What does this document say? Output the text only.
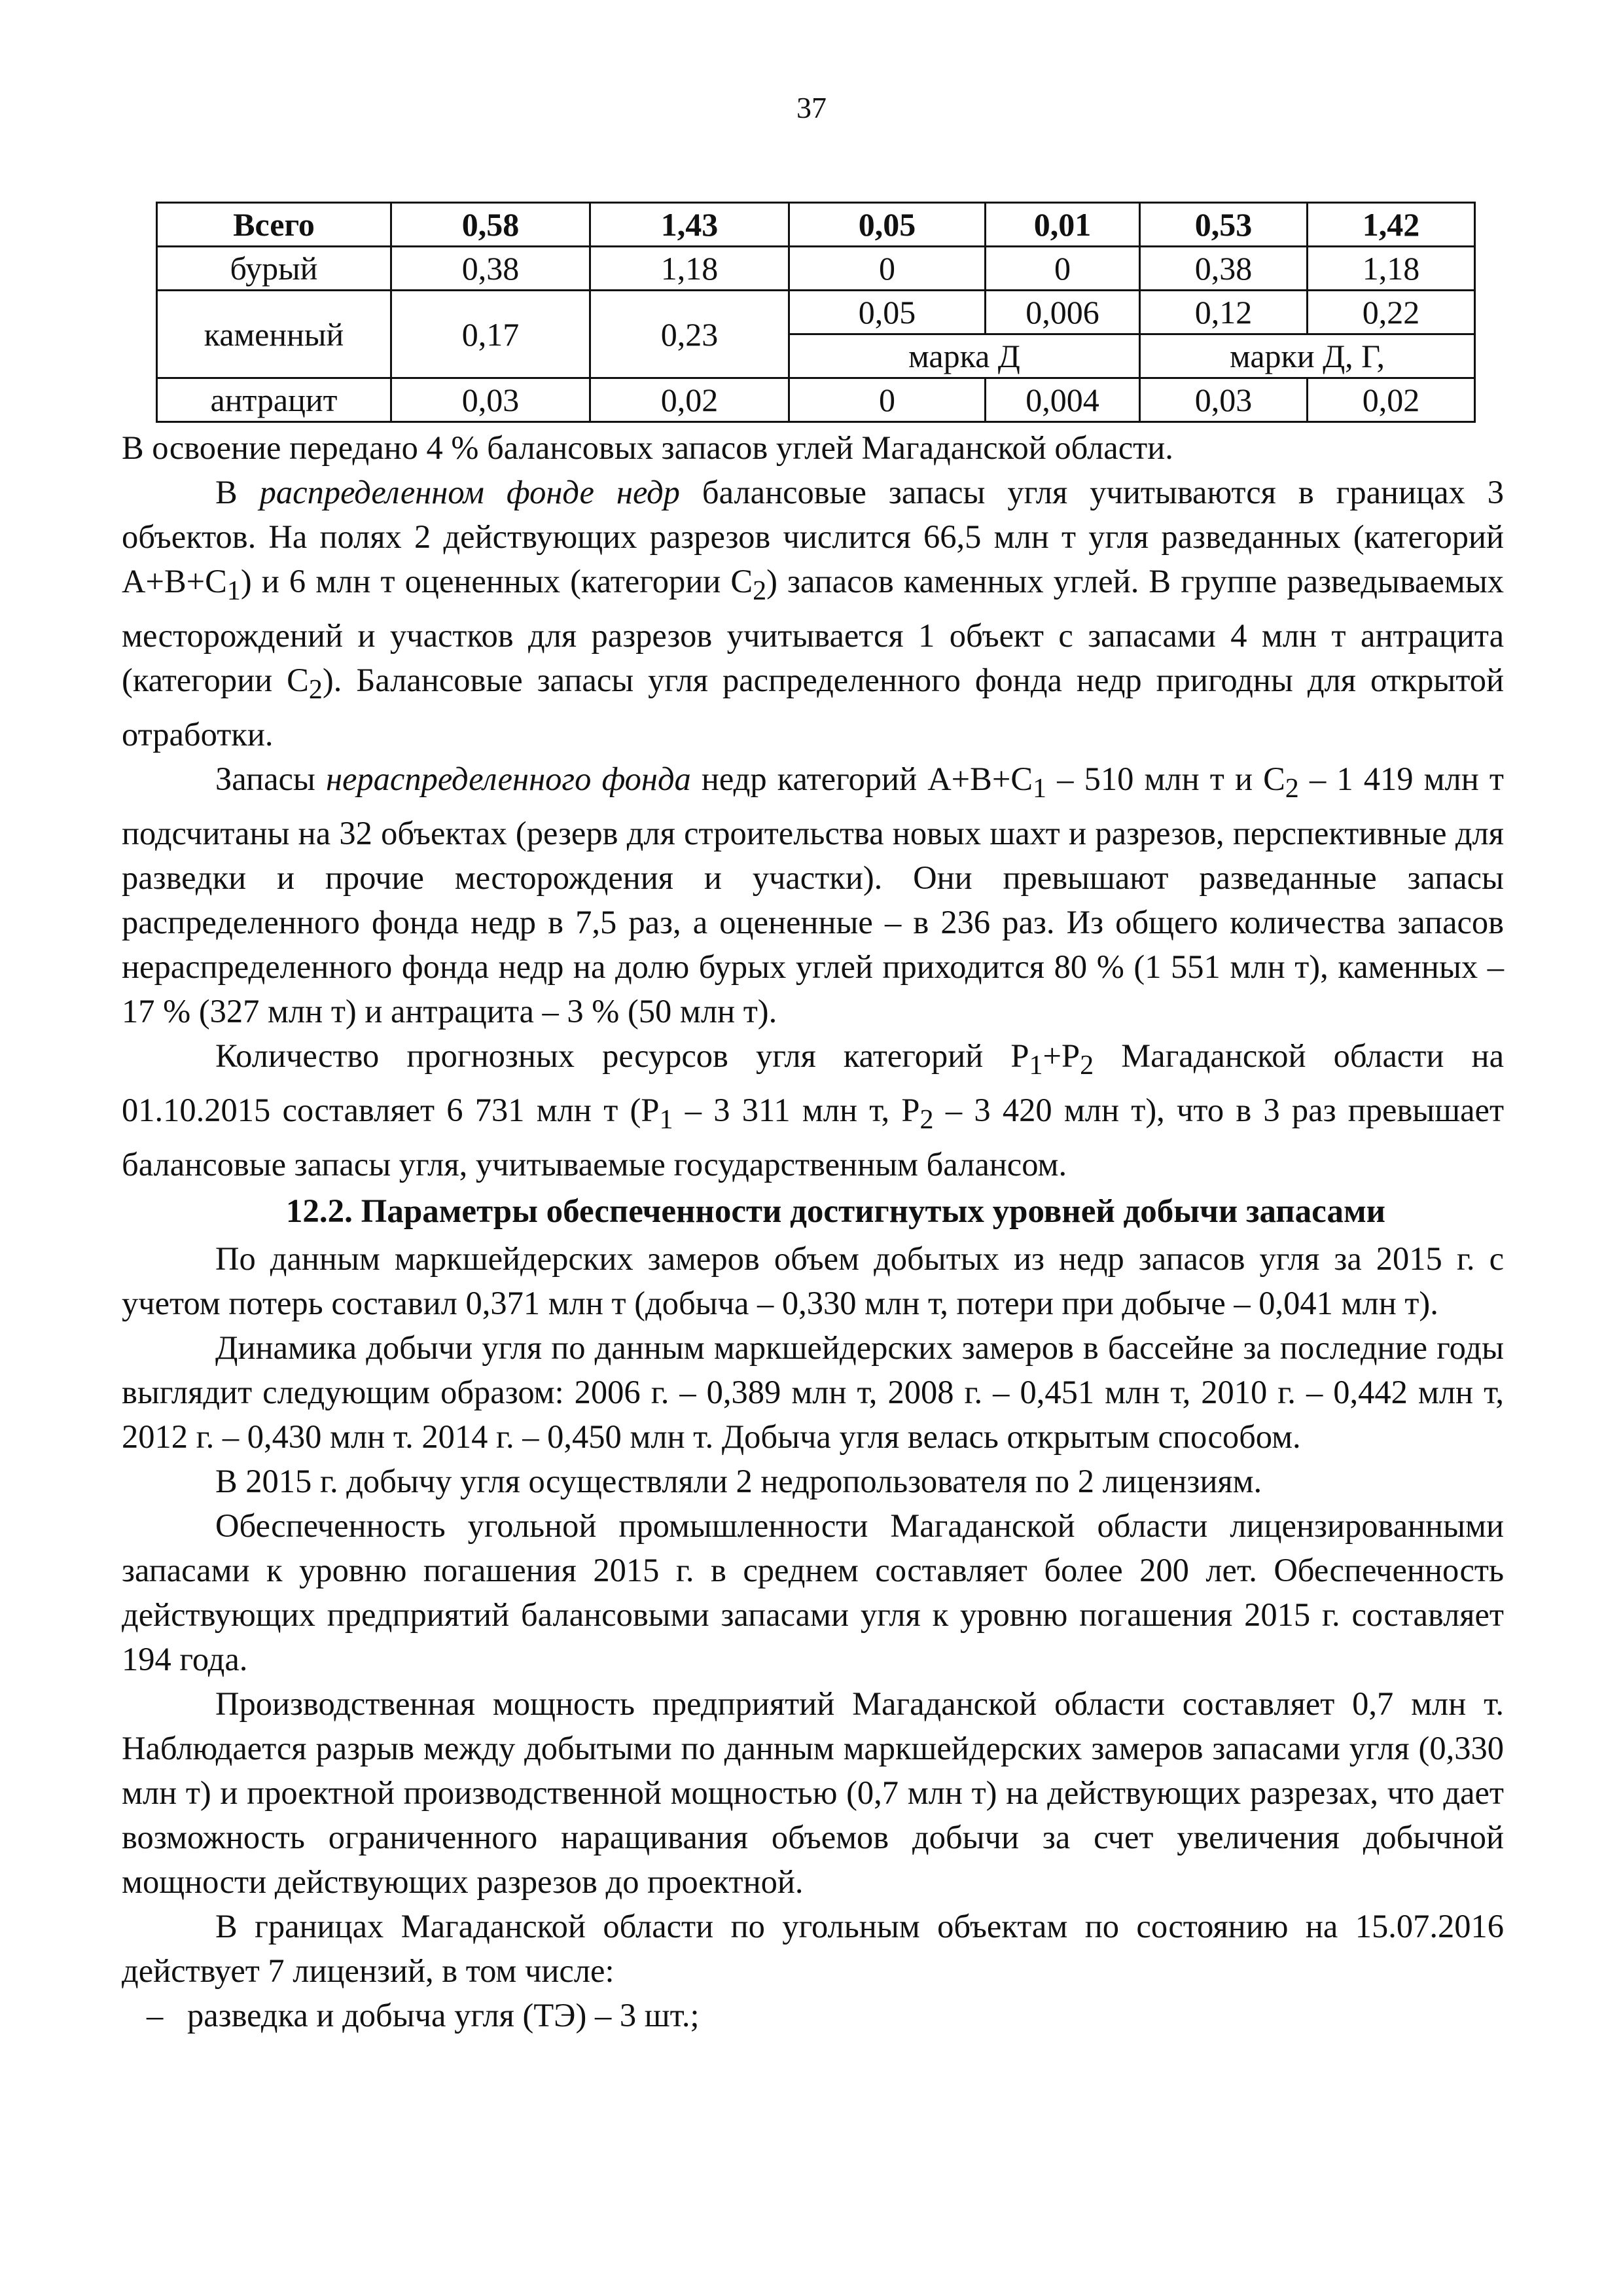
37
Всего	0,58	1,43	0,05	0,01	0,53	1,42
бурый	0,38	1,18	0	0	0,38	1,18
каменный	0,17	0,23	0,05	0,006	0,12	0,22
			марка Д		марки Д, Г,	
антрацит	0,03	0,02	0	0,004	0,03	0,02

В освоение передано 4 % балансовых запасов углей Магаданской области.

В распределенном фонде недр балансовые запасы угля учитываются в границах 3 объектов. На полях 2 действующих разрезов числится 66,5 млн т угля разведанных (категорий $А+В+С_1$) и 6 млн т оцененных (категории $С_2$) запасов каменных углей. В группе разведываемых месторождений и участков для разрезов учитывается 1 объект с запасами 4 млн т антрацита (категории $С_2$). Балансовые запасы угля распределенного фонда недр пригодны для открытой отработки.

Запасы нераспределенного фонда недр категорий $А+В+С_1 - 510$ млн т и $С_2 - 1$ 419 млн т подсчитаны на 32 объектах (резерв для строительства новых шахт и разрезов, перспективные для разведки и прочие месторождения и участки). Они превышают разведанные запасы распределенного фонда недр в 7,5 раз, а оцененные – в 236 раз. Из общего количества запасов нераспределенного фонда недр на долю бурых углей приходится 80 % (1 551 млн т), каменных – 17 % (327 млн т) и антрацита – 3 % (50 млн т).

Количество прогнозных ресурсов угля категорий $Р_1+Р_2$ Магаданской области на 01.10.2015 составляет 6 731 млн т ($Р_1 - 3$ 311 млн т, $Р_2 - 3$ 420 млн т), что в 3 раз превышает балансовые запасы угля, учитываемые государственным балансом.

12.2. Параметры обеспеченности достигнутых уровней добычи запасами

По данным маркшейдерских замеров объем добытых из недр запасов угля за 2015 г. с учетом потерь составил 0,371 млн т (добыча – 0,330 млн т, потери при добыче – 0,041 млн т).

Динамика добычи угля по данным маркшейдерских замеров в бассейне за последние годы выглядит следующим образом: 2006 г. – 0,389 млн т, 2008 г. – 0,451 млн т, 2010 г. – 0,442 млн т, 2012 г. – 0,430 млн т. 2014 г. – 0,450 млн т. Добыча угля велась открытым способом.

В 2015 г. добычу угля осуществляли 2 недропользователя по 2 лицензиям.

Обеспеченность угольной промышленности Магаданской области лицензированными запасами к уровню погашения 2015 г. в среднем составляет более 200 лет. Обеспеченность действующих предприятий балансовыми запасами угля к уровню погашения 2015 г. составляет 194 года.

Производственная мощность предприятий Магаданской области составляет 0,7 млн т. Наблюдается разрыв между добытыми по данным маркшейдерских замеров запасами угля (0,330 млн т) и проектной производственной мощностью (0,7 млн т) на действующих разрезах, что дает возможность ограниченного наращивания объемов добычи за счет увеличения добычной мощности действующих разрезов до проектной.

В границах Магаданской области по угольным объектам по состоянию на 15.07.2016 действует 7 лицензий, в том числе:

– разведка и добыча угля (ТЭ) – 3 шт.;
